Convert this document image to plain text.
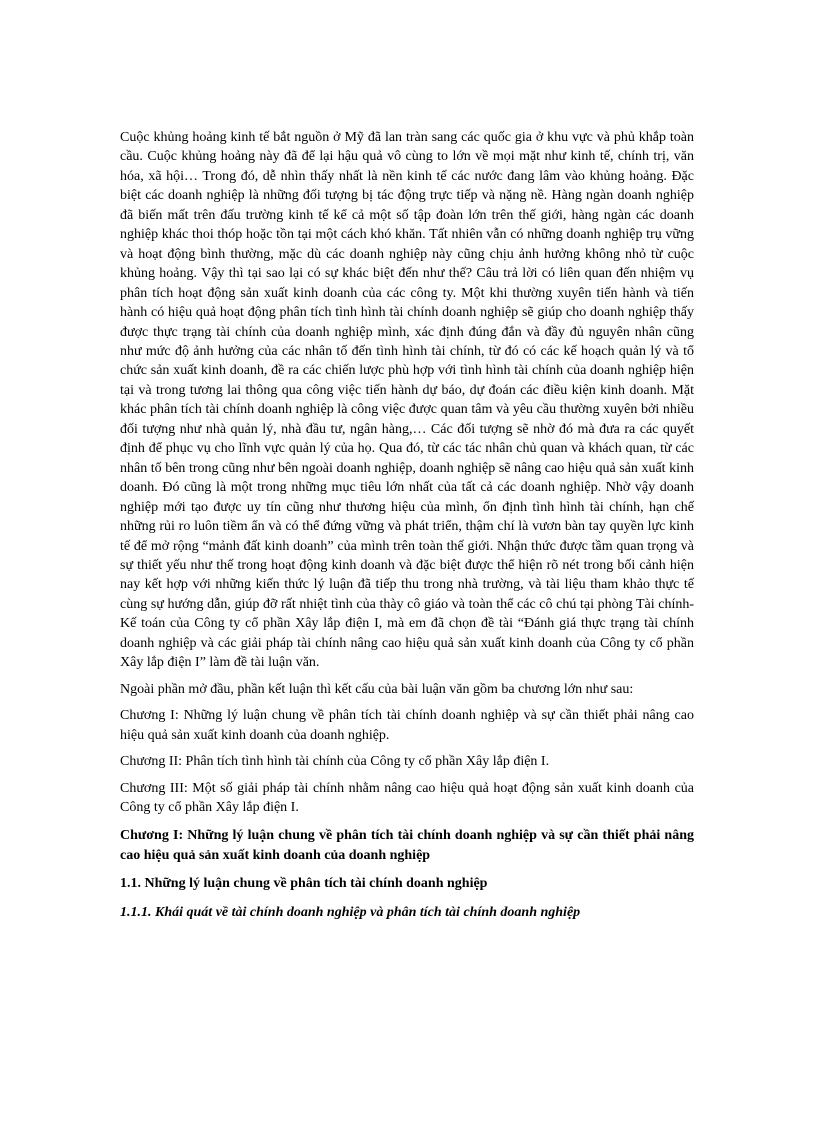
Cuộc khủng hoảng kinh tế bắt nguồn ở Mỹ đã lan tràn sang các quốc gia ở khu vực và phủ khắp toàn cầu. Cuộc khủng hoảng này đã để lại hậu quả vô cùng to lớn về mọi mặt như kinh tế, chính trị, văn hóa, xã hội… Trong đó, dễ nhìn thấy nhất là nền kinh tế các nước đang lâm vào khủng hoảng. Đặc biệt các doanh nghiệp là những đối tượng bị tác động trực tiếp và nặng nề. Hàng ngàn doanh nghiệp đã biến mất trên đấu trường kinh tế kể cả một số tập đoàn lớn trên thế giới, hàng ngàn các doanh nghiệp khác thoi thóp hoặc tồn tại một cách khó khăn. Tất nhiên vẫn có những doanh nghiệp trụ vững và hoạt động bình thường, mặc dù các doanh nghiệp này cũng chịu ảnh hưởng không nhỏ từ cuộc khủng hoảng. Vậy thì tại sao lại có sự khác biệt đến như thế? Câu trả lời có liên quan đến nhiệm vụ phân tích hoạt động sản xuất kinh doanh của các công ty. Một khi thường xuyên tiến hành và tiến hành có hiệu quả hoạt động phân tích tình hình tài chính doanh nghiệp sẽ giúp cho doanh nghiệp thấy được thực trạng tài chính của doanh nghiệp mình, xác định đúng đắn và đầy đủ nguyên nhân cũng như mức độ ảnh hưởng của các nhân tố đến tình hình tài chính, từ đó có các kế hoạch quản lý và tổ chức sản xuất kinh doanh, đề ra các chiến lược phù hợp với tình hình tài chính của doanh nghiệp hiện tại và trong tương lai thông qua công việc tiến hành dự báo, dự đoán các điều kiện kinh doanh. Mặt khác phân tích tài chính doanh nghiệp là công việc được quan tâm và yêu cầu thường xuyên bởi nhiều đối tượng như nhà quản lý, nhà đầu tư, ngân hàng,… Các đối tượng sẽ nhờ đó mà đưa ra các quyết định để phục vụ cho lĩnh vực quản lý của họ. Qua đó, từ các tác nhân chủ quan và khách quan, từ các nhân tố bên trong cũng như bên ngoài doanh nghiệp, doanh nghiệp sẽ nâng cao hiệu quả sản xuất kinh doanh. Đó cũng là một trong những mục tiêu lớn nhất của tất cả các doanh nghiệp. Nhờ vậy doanh nghiệp mới tạo được uy tín cũng như thương hiệu của mình, ổn định tình hình tài chính, hạn chế những rủi ro luôn tiềm ẩn và có thể đứng vững và phát triển, thậm chí là vươn bàn tay quyền lực kinh tế để mở rộng “mảnh đất kinh doanh” của mình trên toàn thế giới. Nhận thức được tầm quan trọng và sự thiết yếu như thế trong hoạt động kinh doanh và đặc biệt được thể hiện rõ nét trong bối cảnh hiện nay kết hợp với những kiến thức lý luận đã tiếp thu trong nhà trường, và tài liệu tham khảo thực tế cùng sự hướng dẫn, giúp đỡ rất nhiệt tình của thày cô giáo và toàn thể các cô chú tại phòng Tài chính- Kế toán của Công ty cổ phần Xây lắp điện I, mà em đã chọn đề tài “Đánh giá thực trạng tài chính doanh nghiệp và các giải pháp tài chính nâng cao hiệu quả sản xuất kinh doanh của Công ty cổ phần Xây lắp điện I” làm đề tài luận văn.

Ngoài phần mở đầu, phần kết luận thì kết cấu của bài luận văn gồm ba chương lớn như sau:

Chương I: Những lý luận chung về phân tích tài chính doanh nghiệp và sự cần thiết phải nâng cao hiệu quả sản xuất kinh doanh của doanh nghiệp.

Chương II: Phân tích tình hình tài chính của Công ty cổ phần Xây lắp điện I.

Chương III: Một số giải pháp tài chính nhằm nâng cao hiệu quả hoạt động sản xuất kinh doanh của Công ty cổ phần Xây lắp điện I.

Chương I: Những lý luận chung về phân tích tài chính doanh nghiệp và sự cần thiết phải nâng cao hiệu quả sản xuất kinh doanh của doanh nghiệp

1.1. Những lý luận chung về phân tích tài chính doanh nghiệp

1.1.1. Khái quát về tài chính doanh nghiệp và phân tích tài chính doanh nghiệp
